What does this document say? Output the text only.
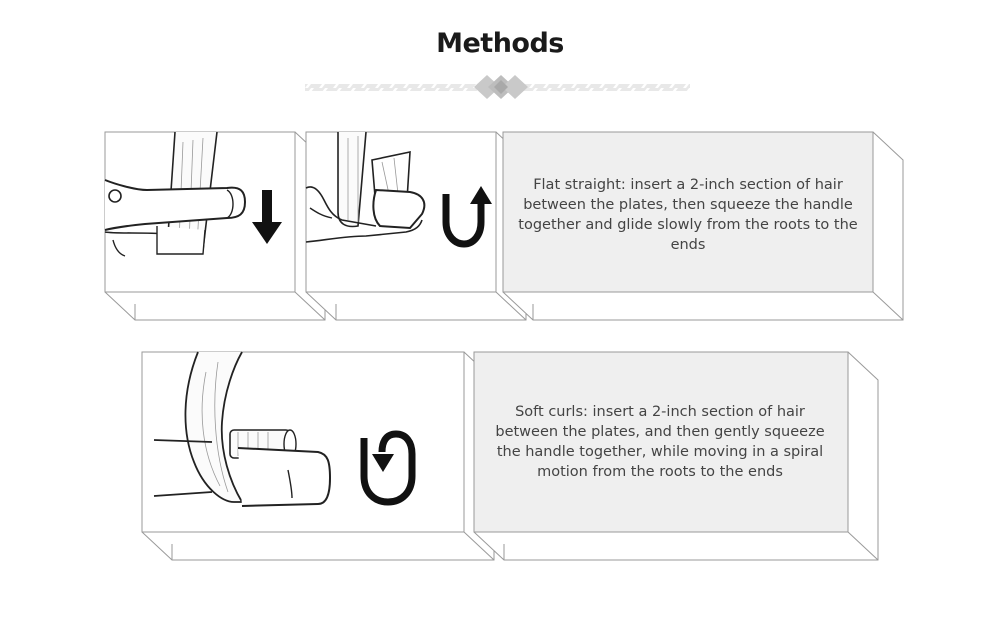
Methods
Flat straight: insert a 2-inch section of hair between the plates, then squeeze the handle together and glide slowly from the roots to the ends
Soft curls: insert a 2-inch section of hair between the plates, and then gently squeeze the handle together, while moving in a spiral motion from the roots to the ends
